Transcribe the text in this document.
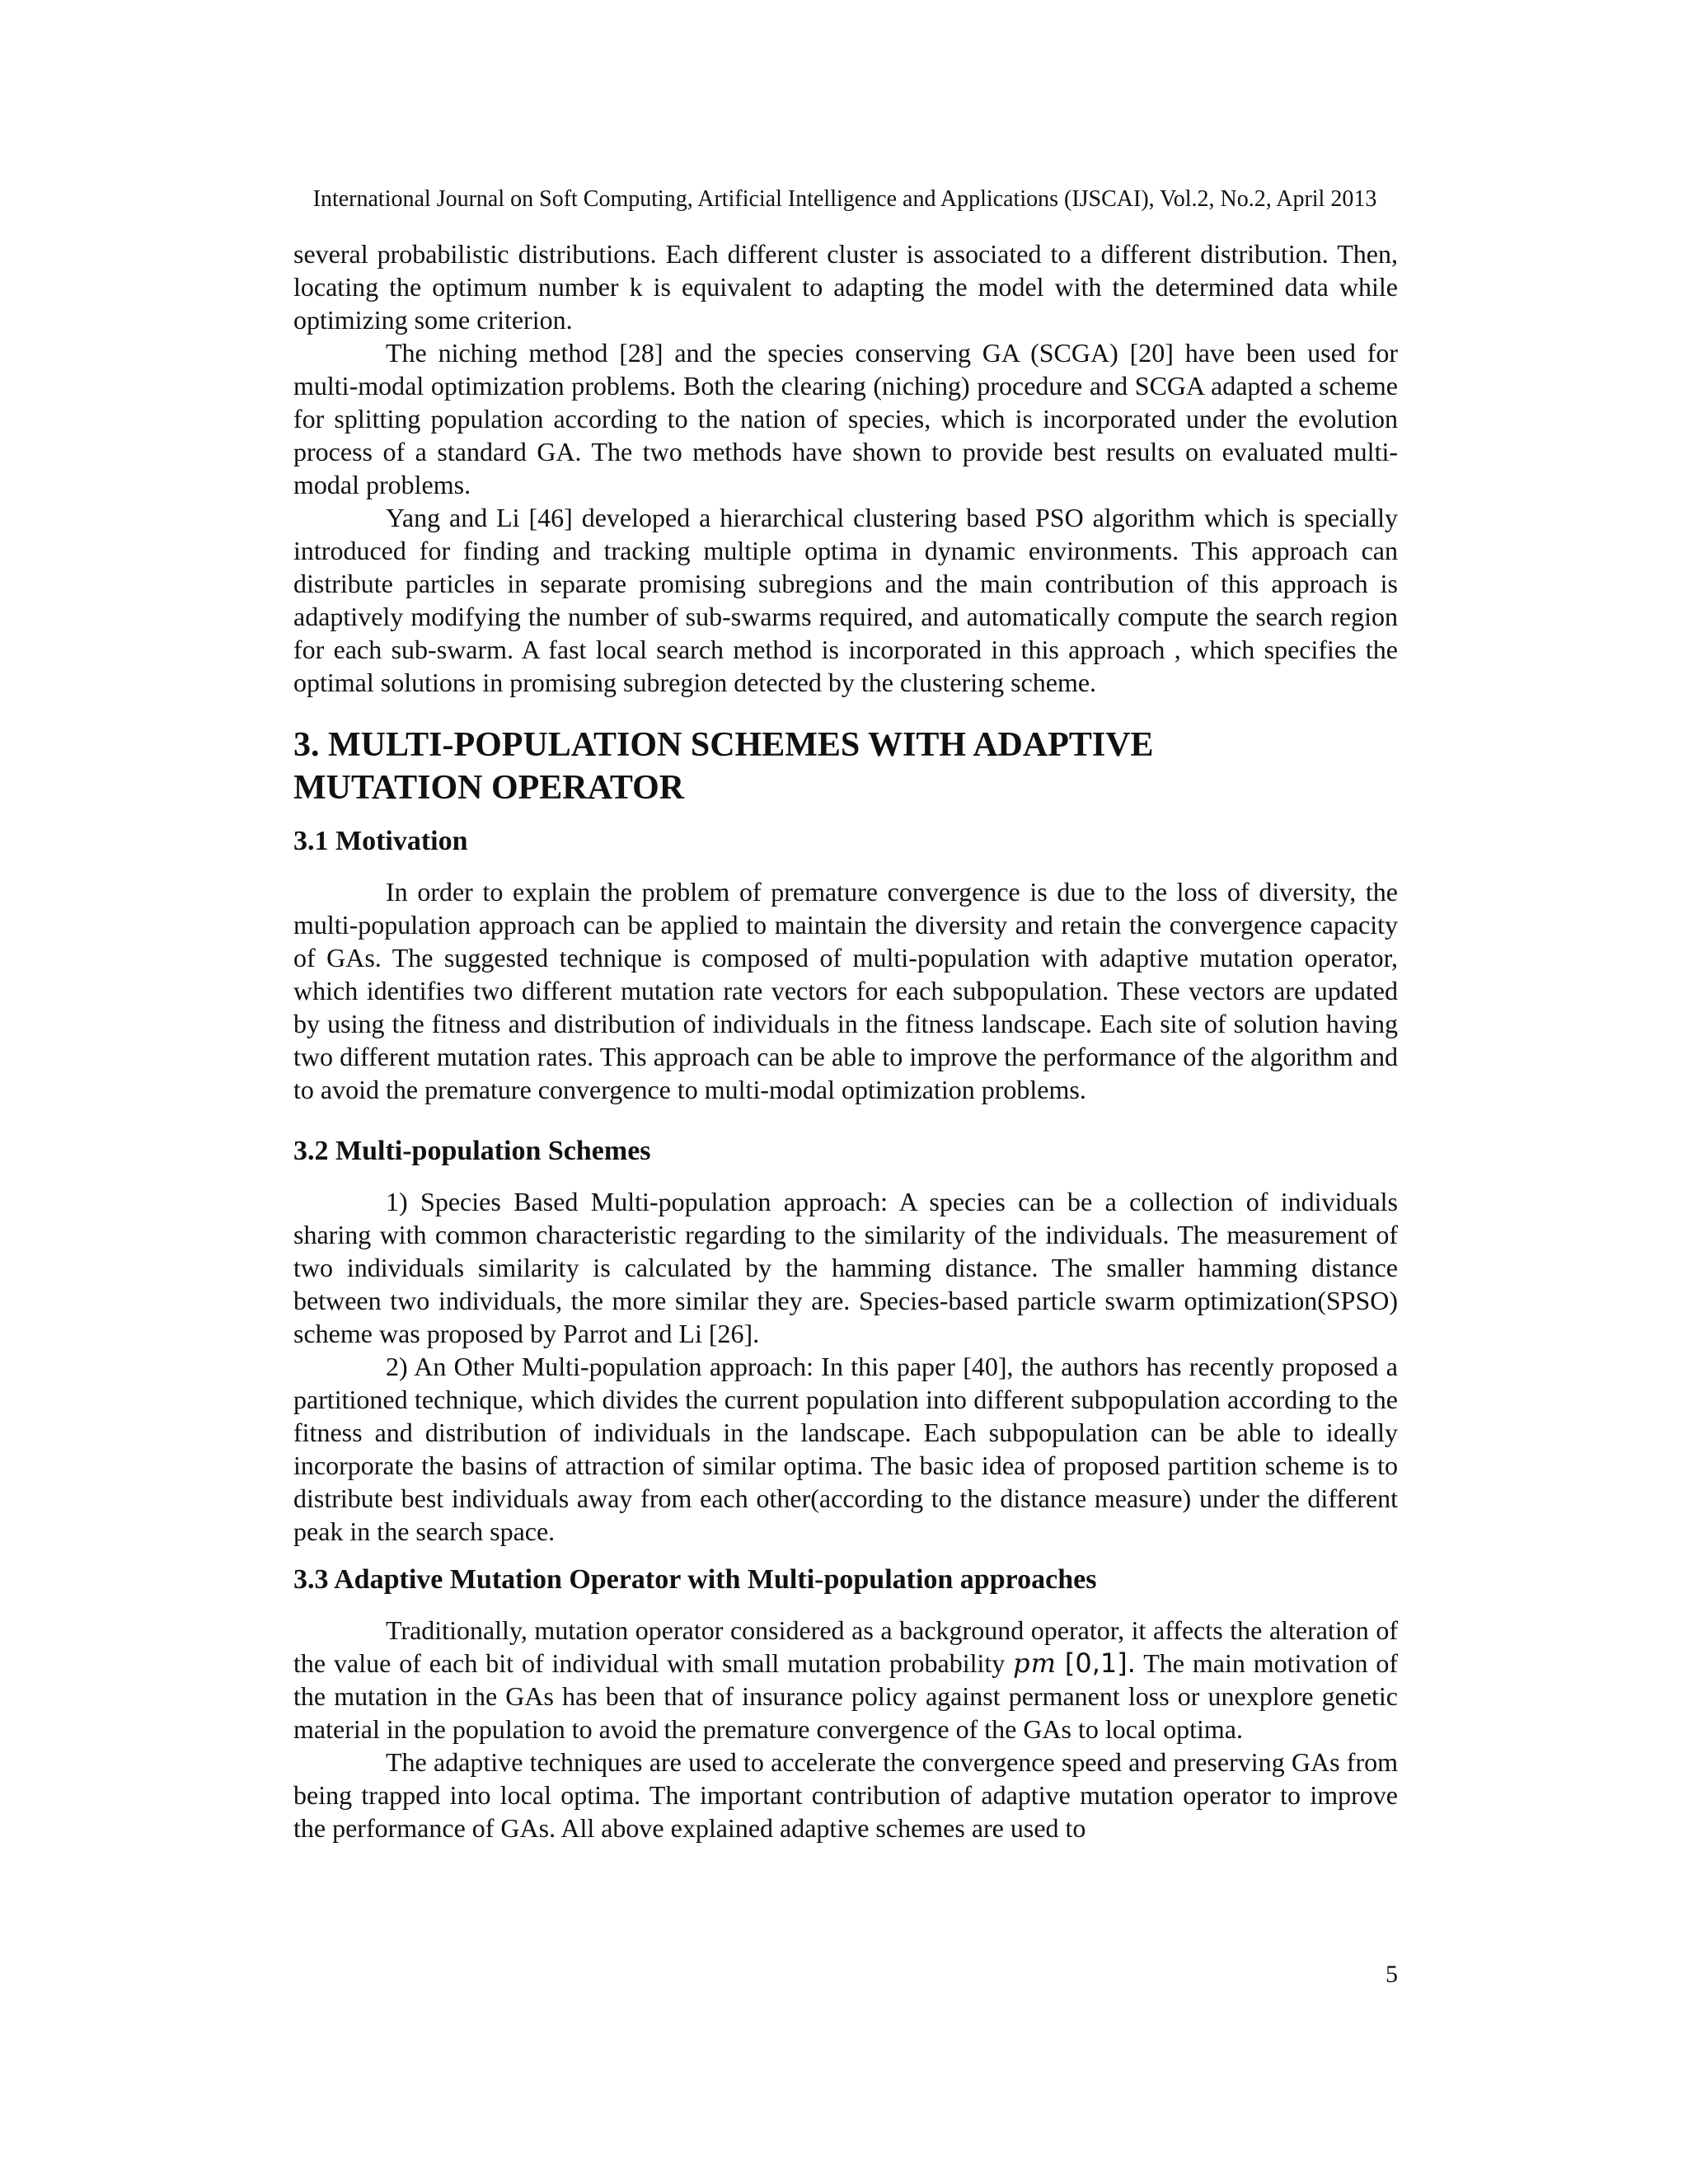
International Journal on Soft Computing, Artificial Intelligence and Applications (IJSCAI), Vol.2, No.2, April 2013

several probabilistic distributions. Each different cluster is associated to a different distribution. Then, locating the optimum number k is equivalent to adapting the model with the determined data while optimizing some criterion.

The niching method [28] and the species conserving GA (SCGA) [20] have been used for multi-modal optimization problems. Both the clearing (niching) procedure and SCGA adapted a scheme for splitting population according to the nation of species, which is incorporated under the evolution process of a standard GA. The two methods have shown to provide best results on evaluated multi-modal problems.

Yang and Li [46] developed a hierarchical clustering based PSO algorithm which is specially introduced for finding and tracking multiple optima in dynamic environments. This approach can distribute particles in separate promising subregions and the main contribution of this approach is adaptively modifying the number of sub-swarms required, and automatically compute the search region for each sub-swarm. A fast local search method is incorporated in this approach , which specifies the optimal solutions in promising subregion detected by the clustering scheme.

3. MULTI-POPULATION SCHEMES WITH ADAPTIVE
MUTATION OPERATOR
3.1 Motivation

In order to explain the problem of premature convergence is due to the loss of diversity, the multi-population approach can be applied to maintain the diversity and retain the convergence capacity of GAs. The suggested technique is composed of multi-population with adaptive mutation operator, which identifies two different mutation rate vectors for each subpopulation. These vectors are updated by using the fitness and distribution of individuals in the fitness landscape. Each site of solution having two different mutation rates. This approach can be able to improve the performance of the algorithm and to avoid the premature convergence to multi-modal optimization problems.

3.2 Multi-population Schemes

1) Species Based Multi-population approach: A species can be a collection of individuals sharing with common characteristic regarding to the similarity of the individuals. The measurement of two individuals similarity is calculated by the hamming distance. The smaller hamming distance between two individuals, the more similar they are. Species-based particle swarm optimization(SPSO) scheme was proposed by Parrot and Li [26].

2) An Other Multi-population approach: In this paper [40], the authors has recently proposed a partitioned technique, which divides the current population into different subpopulation according to the fitness and distribution of individuals in the landscape. Each subpopulation can be able to ideally incorporate the basins of attraction of similar optima. The basic idea of proposed partition scheme is to distribute best individuals away from each other(according to the distance measure) under the different peak in the search space.

3.3 Adaptive Mutation Operator with Multi-population approaches

Traditionally, mutation operator considered as a background operator, it affects the alteration of the value of each bit of individual with small mutation probability pm [0,1]. The main motivation of the mutation in the GAs has been that of insurance policy against permanent loss or unexplore genetic material in the population to avoid the premature convergence of the GAs to local optima.

The adaptive techniques are used to accelerate the convergence speed and preserving GAs from being trapped into local optima. The important contribution of adaptive mutation operator to improve the performance of GAs. All above explained adaptive schemes are used to

5
